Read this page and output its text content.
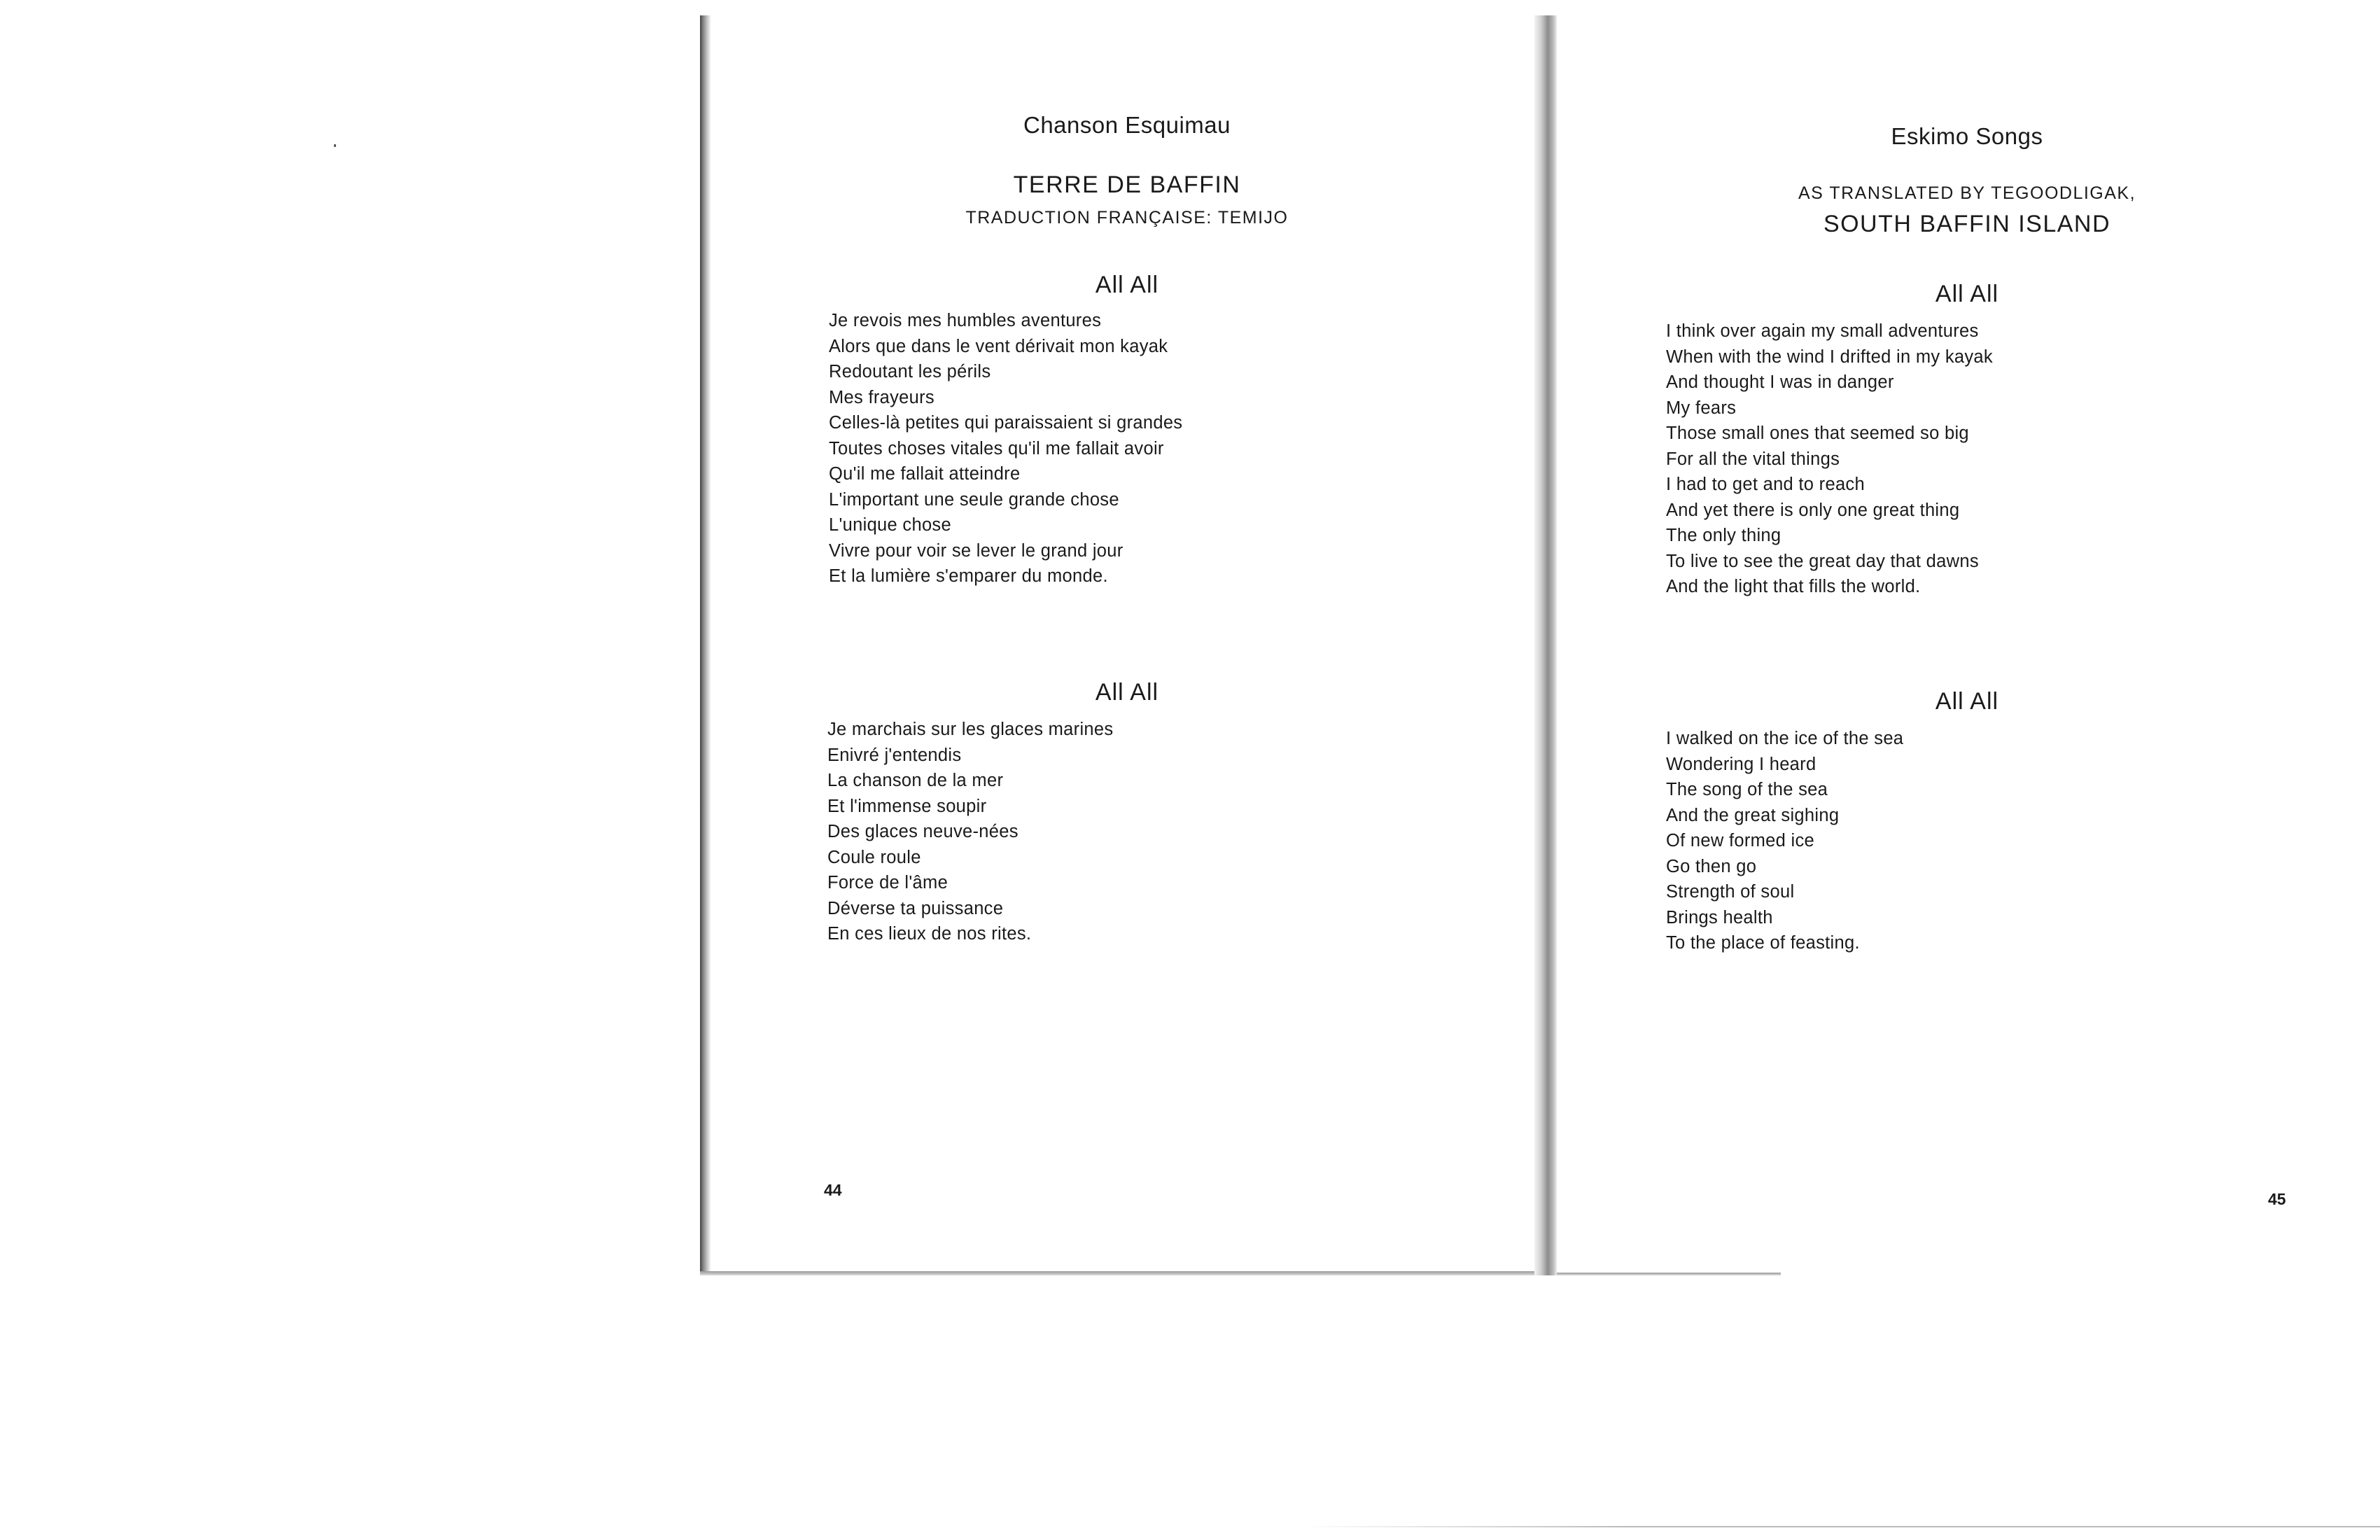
Chanson Esquimau
TERRE DE BAFFIN
TRADUCTION FRANÇAISE: TEMIJO
All All
Je revois mes humbles aventures
Alors que dans le vent dérivait mon kayak
Redoutant les périls
Mes frayeurs
Celles-là petites qui paraissaient si grandes
Toutes choses vitales qu'il me fallait avoir
Qu'il me fallait atteindre
L'important une seule grande chose
L'unique chose
Vivre pour voir se lever le grand jour
Et la lumière s'emparer du monde.
All All
Je marchais sur les glaces marines
Enivré j'entendis
La chanson de la mer
Et l'immense soupir
Des glaces neuve-nées
Coule roule
Force de l'âme
Déverse ta puissance
En ces lieux de nos rites.
44
Eskimo Songs
AS TRANSLATED BY TEGOODLIGAK,
SOUTH BAFFIN ISLAND
All All
I think over again my small adventures
When with the wind I drifted in my kayak
And thought I was in danger
My fears
Those small ones that seemed so big
For all the vital things
I had to get and to reach
And yet there is only one great thing
The only thing
To live to see the great day that dawns
And the light that fills the world.
All All
I walked on the ice of the sea
Wondering I heard
The song of the sea
And the great sighing
Of new formed ice
Go then go
Strength of soul
Brings health
To the place of feasting.
45
